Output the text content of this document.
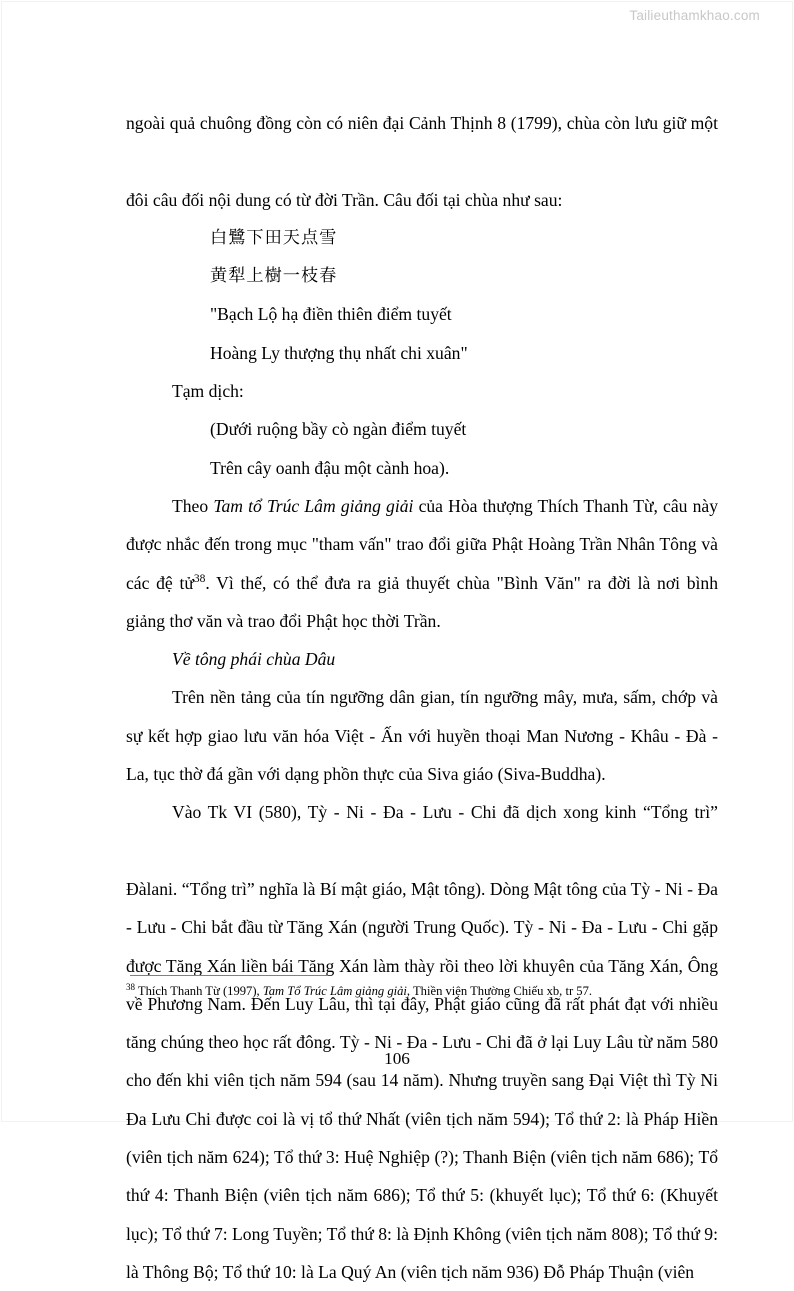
Tailieuthamkhao.com

ngoài quả chuông đồng còn có niên đại Cảnh Thịnh 8 (1799), chùa còn lưu giữ một
đôi câu đối nội dung có từ đời Trần. Câu đối tại chùa như sau:

白鷺下田天点雪
黄犁上樹一枝春
"Bạch Lộ hạ điền thiên điểm tuyết
Hoàng Ly thượng thụ nhất chi xuân"
Tạm dịch:
(Dưới ruộng bầy cò ngàn điểm tuyết
Trên cây oanh đậu một cành hoa).

Theo Tam tổ Trúc Lâm giảng giải của Hòa thượng Thích Thanh Từ, câu này được nhắc đến trong mục "tham vấn" trao đổi giữa Phật Hoàng Trần Nhân Tông và các đệ tử$^{38}$. Vì thế, có thể đưa ra giả thuyết chùa "Bình Văn" ra đời là nơi bình giảng thơ văn và trao đổi Phật học thời Trần.

Về tông phái chùa Dâu

Trên nền tảng của tín ngưỡng dân gian, tín ngưỡng mây, mưa, sấm, chớp và sự kết hợp giao lưu văn hóa Việt - Ấn với huyền thoại Man Nương - Khâu - Đà - La, tục thờ đá gần với dạng phồn thực của Siva giáo (Siva-Buddha).

Vào Tk VI (580), Tỳ - Ni - Đa - Lưu - Chi đã dịch xong kinh “Tổng trì”
Đàlani. “Tổng trì” nghĩa là Bí mật giáo, Mật tông). Dòng Mật tông của Tỳ - Ni - Đa - Lưu - Chi bắt đầu từ Tăng Xán (người Trung Quốc). Tỳ - Ni - Đa - Lưu - Chi gặp được Tăng Xán liền bái Tăng Xán làm thày rồi theo lời khuyên của Tăng Xán, Ông về Phương Nam. Đến Luy Lâu, thì tại đây, Phật giáo cũng đã rất phát đạt với nhiều tăng chúng theo học rất đông. Tỳ - Ni - Đa - Lưu - Chi đã ở lại Luy Lâu từ năm 580 cho đến khi viên tịch năm 594 (sau 14 năm). Nhưng truyền sang Đại Việt thì Tỳ Ni Đa Lưu Chi được coi là vị tổ thứ Nhất (viên tịch năm 594); Tổ thứ 2: là Pháp Hiền (viên tịch năm 624); Tổ thứ 3: Huệ Nghiệp (?); Thanh Biện (viên tịch năm 686); Tổ thứ 4: Thanh Biện (viên tịch năm 686); Tổ thứ 5: (khuyết lục); Tổ thứ 6: (Khuyết lục); Tổ thứ 7: Long Tuyền; Tổ thứ 8: là Định Không (viên tịch năm 808); Tổ thứ 9: là Thông Bộ; Tổ thứ 10: là La Quý An (viên tịch năm 936) Đỗ Pháp Thuận (viên

$^{38}$ Thích Thanh Từ (1997), Tam Tổ Trúc Lâm giảng giải, Thiền viện Thường Chiếu xb, tr 57.
106
